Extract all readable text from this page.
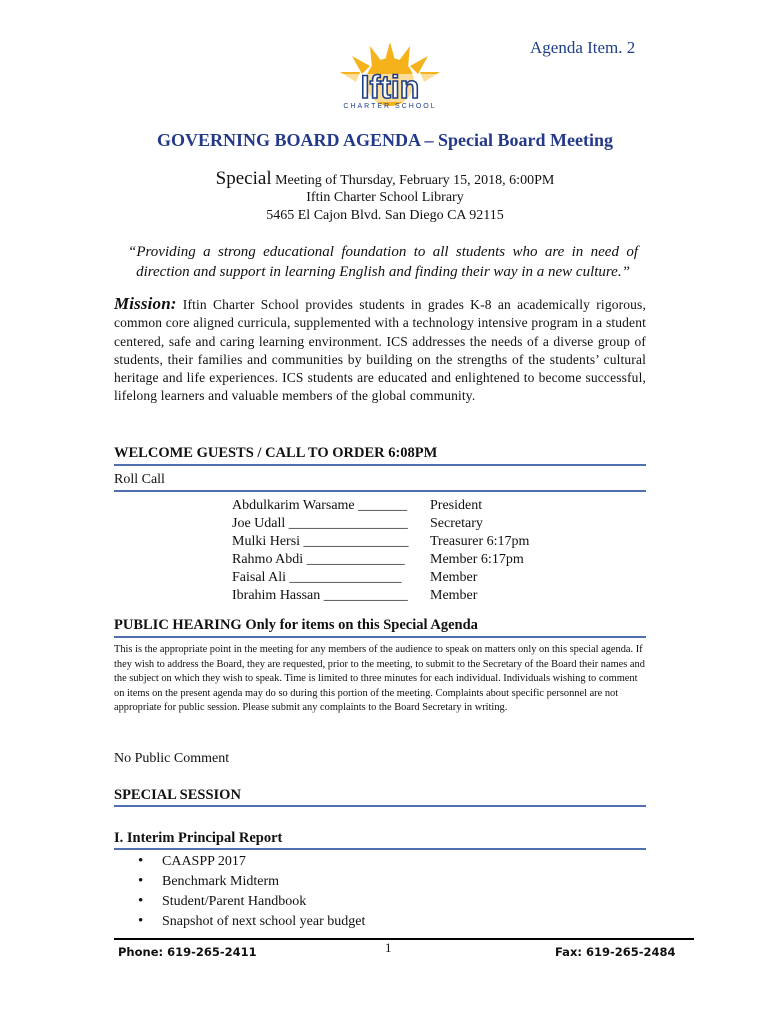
Agenda Item. 2
Iftin
CHARTER SCHOOL
GOVERNING BOARD AGENDA – Special Board Meeting
Special Meeting of Thursday, February 15, 2018, 6:00PM
Iftin Charter School Library
5465 El Cajon Blvd. San Diego CA 92115
“Providing a strong educational foundation to all students who are in need of direction and support in learning English and finding their way in a new culture.”
Mission: Iftin Charter School provides students in grades K-8 an academically rigorous, common core aligned curricula, supplemented with a technology intensive program in a student centered, safe and caring learning environment. ICS addresses the needs of a diverse group of students, their families and communities by building on the strengths of the students’ cultural heritage and life experiences. ICS students are educated and enlightened to become successful, lifelong learners and valuable members of the global community.
WELCOME GUESTS / CALL TO ORDER 6:08PM
Roll Call
Abdulkarim Warsame _______	President
Joe Udall _________________	Secretary
Mulki Hersi _______________	Treasurer 6:17pm
Rahmo Abdi ______________	Member 6:17pm
Faisal Ali ________________	Member
Ibrahim Hassan ____________	Member
PUBLIC HEARING Only for items on this Special Agenda
This is the appropriate point in the meeting for any members of the audience to speak on matters only on this special agenda. If they wish to address the Board, they are requested, prior to the meeting, to submit to the Secretary of the Board their names and the subject on which they wish to speak. Time is limited to three minutes for each individual. Individuals wishing to comment on items on the present agenda may do so during this portion of the meeting. Complaints about specific personnel are not appropriate for public session. Please submit any complaints to the Board Secretary in writing.
No Public Comment
SPECIAL SESSION
I. Interim Principal Report
• CAASPP 2017
• Benchmark Midterm
• Student/Parent Handbook
• Snapshot of next school year budget
Phone: 619-265-2411	1	Fax: 619-265-2484
